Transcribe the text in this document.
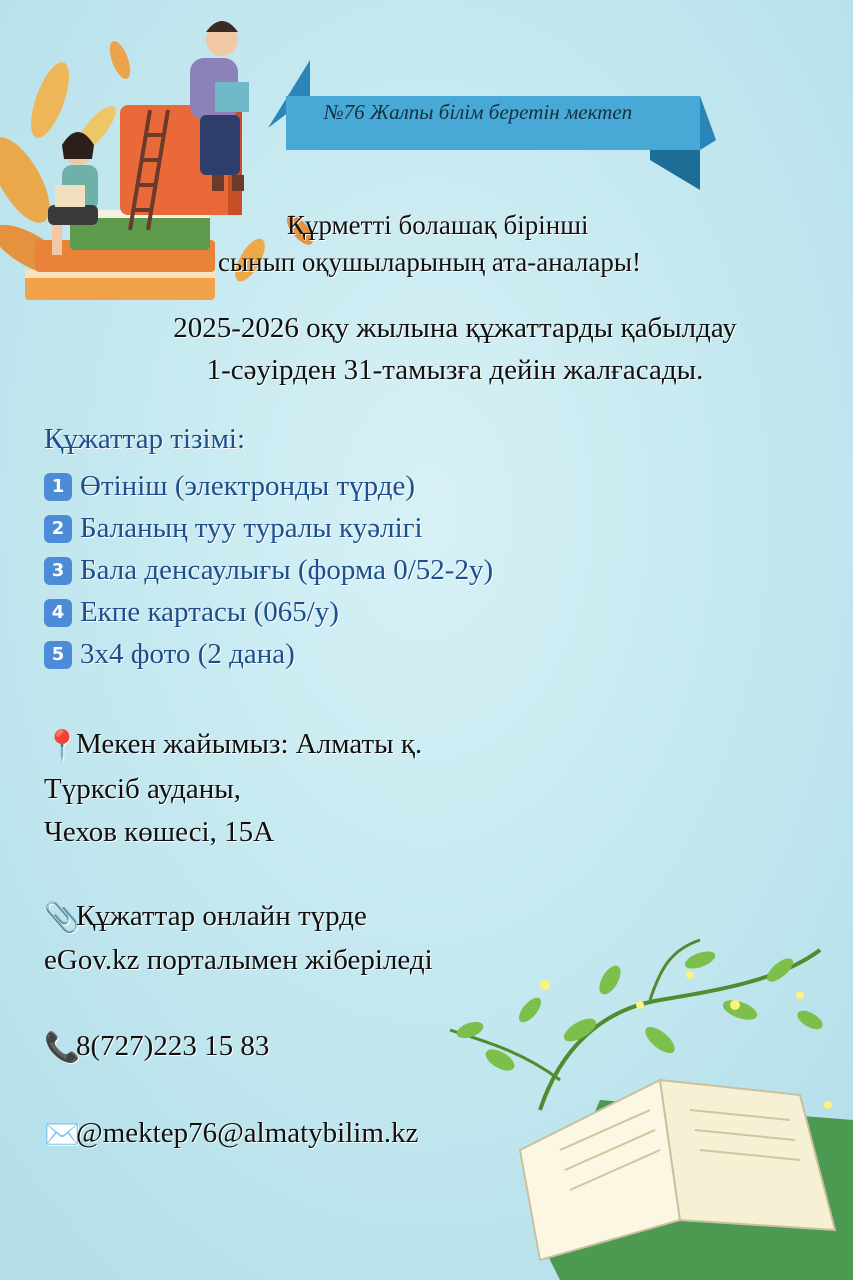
№76 Жалпы білім беретін мектеп
Құрметті болашақ бірінші
сынып оқушыларының ата-аналары!
2025-2026 оқу жылына құжаттарды қабылдау
1-сәуірден 31-тамызға дейін жалғасады.
Құжаттар тізімі:
1 Өтініш (электронды түрде)
2 Баланың туу туралы куәлігі
3 Бала денсаулығы (форма 0/52-2у)
4 Екпе картасы (065/у)
5 3х4 фото (2 дана)
📍Мекен жайымыз: Алматы қ.
Түрксіб ауданы,
Чехов көшесі, 15А
📎Құжаттар онлайн түрде
eGov.kz порталымен жіберіледі
📞8(727)223 15 83
✉️@mektep76@almatybilim.kz
